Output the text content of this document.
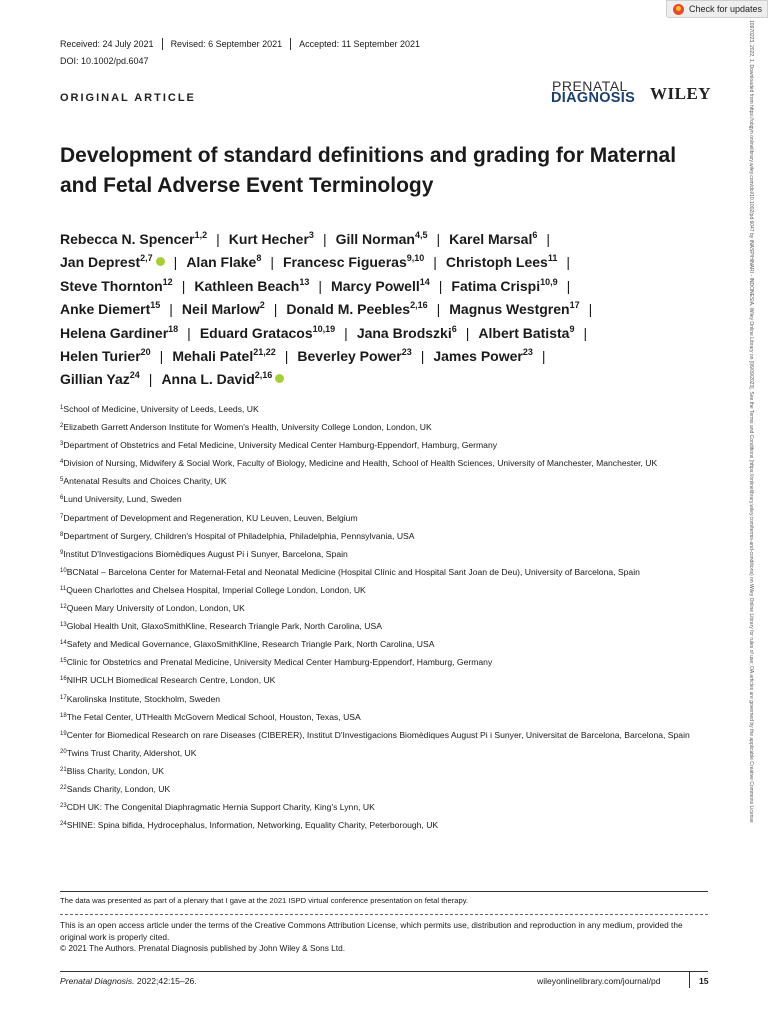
Check for updates
Received: 24 July 2021 Revised: 6 September 2021 Accepted: 11 September 2021
DOI: 10.1002/pd.6047
ORIGINAL ARTICLE
PRENATAL
DIAGNOSIS WILEY
Development of standard definitions and grading for Maternal and Fetal Adverse Event Terminology
Rebecca N. Spencer$^{1,2}$ | Kurt Hecher$^3$ | Gill Norman$^{4,5}$ | Karel Marsal$^6$ |
Jan Deprest$^{2,7}$ | Alan Flake$^8$ | Francesc Figueras$^{9,10}$ | Christoph Lees$^{11}$ |
Steve Thornton$^{12}$ | Kathleen Beach$^{13}$ | Marcy Powell$^{14}$ | Fatima Crispi$^{10,9}$ |
Anke Diemert$^{15}$ | Neil Marlow$^2$ | Donald M. Peebles$^{2,16}$ | Magnus Westgren$^{17}$ |
Helena Gardiner$^{18}$ | Eduard Gratacos$^{10,19}$ | Jana Brodszki$^6$ | Albert Batista$^9$ |
Helen Turier$^{20}$ | Mehali Patel$^{21,22}$ | Beverley Power$^{23}$ | James Power$^{23}$ |
Gillian Yaz$^{24}$ | Anna L. David$^{2,16}$
$^1$School of Medicine, University of Leeds, Leeds, UK
$^2$Elizabeth Garrett Anderson Institute for Women's Health, University College London, London, UK
$^3$Department of Obstetrics and Fetal Medicine, University Medical Center Hamburg-Eppendorf, Hamburg, Germany
$^4$Division of Nursing, Midwifery & Social Work, Faculty of Biology, Medicine and Health, School of Health Sciences, University of Manchester, Manchester, UK
$^5$Antenatal Results and Choices Charity, UK
$^6$Lund University, Lund, Sweden
$^7$Department of Development and Regeneration, KU Leuven, Leuven, Belgium
$^8$Department of Surgery, Children's Hospital of Philadelphia, Philadelphia, Pennsylvania, USA
$^9$Institut D'Investigacions Biomèdiques August Pi i Sunyer, Barcelona, Spain
$^{10}$BCNatal – Barcelona Center for Maternal-Fetal and Neonatal Medicine (Hospital Clínic and Hospital Sant Joan de Deu), University of Barcelona, Spain
$^{11}$Queen Charlottes and Chelsea Hospital, Imperial College London, London, UK
$^{12}$Queen Mary University of London, London, UK
$^{13}$Global Health Unit, GlaxoSmithKline, Research Triangle Park, North Carolina, USA
$^{14}$Safety and Medical Governance, GlaxoSmithKline, Research Triangle Park, North Carolina, USA
$^{15}$Clinic for Obstetrics and Prenatal Medicine, University Medical Center Hamburg-Eppendorf, Hamburg, Germany
$^{16}$NIHR UCLH Biomedical Research Centre, London, UK
$^{17}$Karolinska Institute, Stockholm, Sweden
$^{18}$The Fetal Center, UTHealth McGovern Medical School, Houston, Texas, USA
$^{19}$Center for Biomedical Research on rare Diseases (CIBERER), Institut D'Investigacions Biomèdiques August Pi i Sunyer, Universitat de Barcelona, Barcelona, Spain
$^{20}$Twins Trust Charity, Aldershot, UK
$^{21}$Bliss Charity, London, UK
$^{22}$Sands Charity, London, UK
$^{23}$CDH UK: The Congenital Diaphragmatic Hernia Support Charity, King's Lynn, UK
$^{24}$SHINE: Spina bifida, Hydrocephalus, Information, Networking, Equality Charity, Peterborough, UK
The data was presented as part of a plenary that I gave at the 2021 ISPD virtual conference presentation on fetal therapy.
This is an open access article under the terms of the Creative Commons Attribution License, which permits use, distribution and reproduction in any medium, provided the original work is properly cited.
© 2021 The Authors. Prenatal Diagnosis published by John Wiley & Sons Ltd.
Prenatal Diagnosis. 2022;42:15–26.	wileyonlinelibrary.com/journal/pd	15
10970223, 2022, 1, Downloaded from https://obgyn.onlinelibrary.wiley.com/doi/10.1002/pd.6047 by INASP/HINARI - INDONESIA, Wiley Online Library on [06/09/2023]. See the Terms and Conditions (https://onlinelibrary.wiley.com/terms-and-conditions) on Wiley Online Library for rules of use; OA articles are governed by the applicable Creative Commons License
